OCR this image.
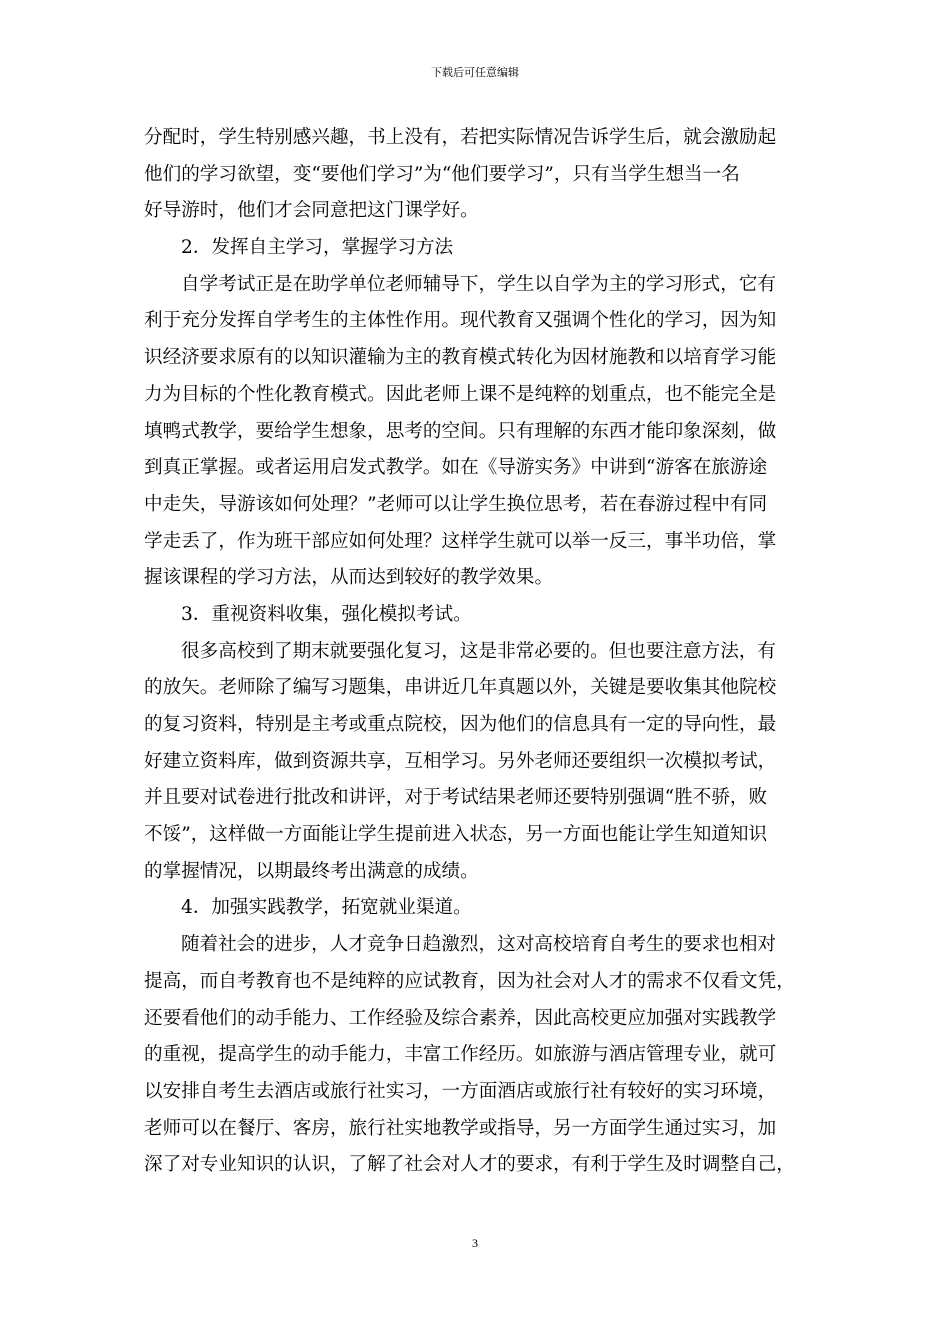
下载后可任意编辑
分配时，学生特别感兴趣，书上没有，若把实际情况告诉学生后，就会激励起
他们的学习欲望，变“要他们学习”为“他们要学习”，只有当学生想当一名
好导游时，他们才会同意把这门课学好。
2．发挥自主学习，掌握学习方法
自学考试正是在助学单位老师辅导下，学生以自学为主的学习形式，它有
利于充分发挥自学考生的主体性作用。现代教育又强调个性化的学习，因为知
识经济要求原有的以知识灌输为主的教育模式转化为因材施教和以培育学习能
力为目标的个性化教育模式。因此老师上课不是纯粹的划重点，也不能完全是
填鸭式教学，要给学生想象，思考的空间。只有理解的东西才能印象深刻，做
到真正掌握。或者运用启发式教学。如在《导游实务》中讲到“游客在旅游途
中走失，导游该如何处理？”老师可以让学生换位思考，若在春游过程中有同
学走丢了，作为班干部应如何处理？这样学生就可以举一反三，事半功倍，掌
握该课程的学习方法，从而达到较好的教学效果。
3．重视资料收集，强化模拟考试。
很多高校到了期末就要强化复习，这是非常必要的。但也要注意方法，有
的放矢。老师除了编写习题集，串讲近几年真题以外，关键是要收集其他院校
的复习资料，特别是主考或重点院校，因为他们的信息具有一定的导向性，最
好建立资料库，做到资源共享，互相学习。另外老师还要组织一次模拟考试，
并且要对试卷进行批改和讲评，对于考试结果老师还要特别强调“胜不骄，败
不馁”，这样做一方面能让学生提前进入状态，另一方面也能让学生知道知识
的掌握情况，以期最终考出满意的成绩。
4．加强实践教学，拓宽就业渠道。
随着社会的进步，人才竞争日趋激烈，这对高校培育自考生的要求也相对
提高，而自考教育也不是纯粹的应试教育，因为社会对人才的需求不仅看文凭，
还要看他们的动手能力、工作经验及综合素养，因此高校更应加强对实践教学
的重视，提高学生的动手能力，丰富工作经历。如旅游与酒店管理专业，就可
以安排自考生去酒店或旅行社实习，一方面酒店或旅行社有较好的实习环境，
老师可以在餐厅、客房，旅行社实地教学或指导，另一方面学生通过实习，加
深了对专业知识的认识，了解了社会对人才的要求，有利于学生及时调整自己，
3
